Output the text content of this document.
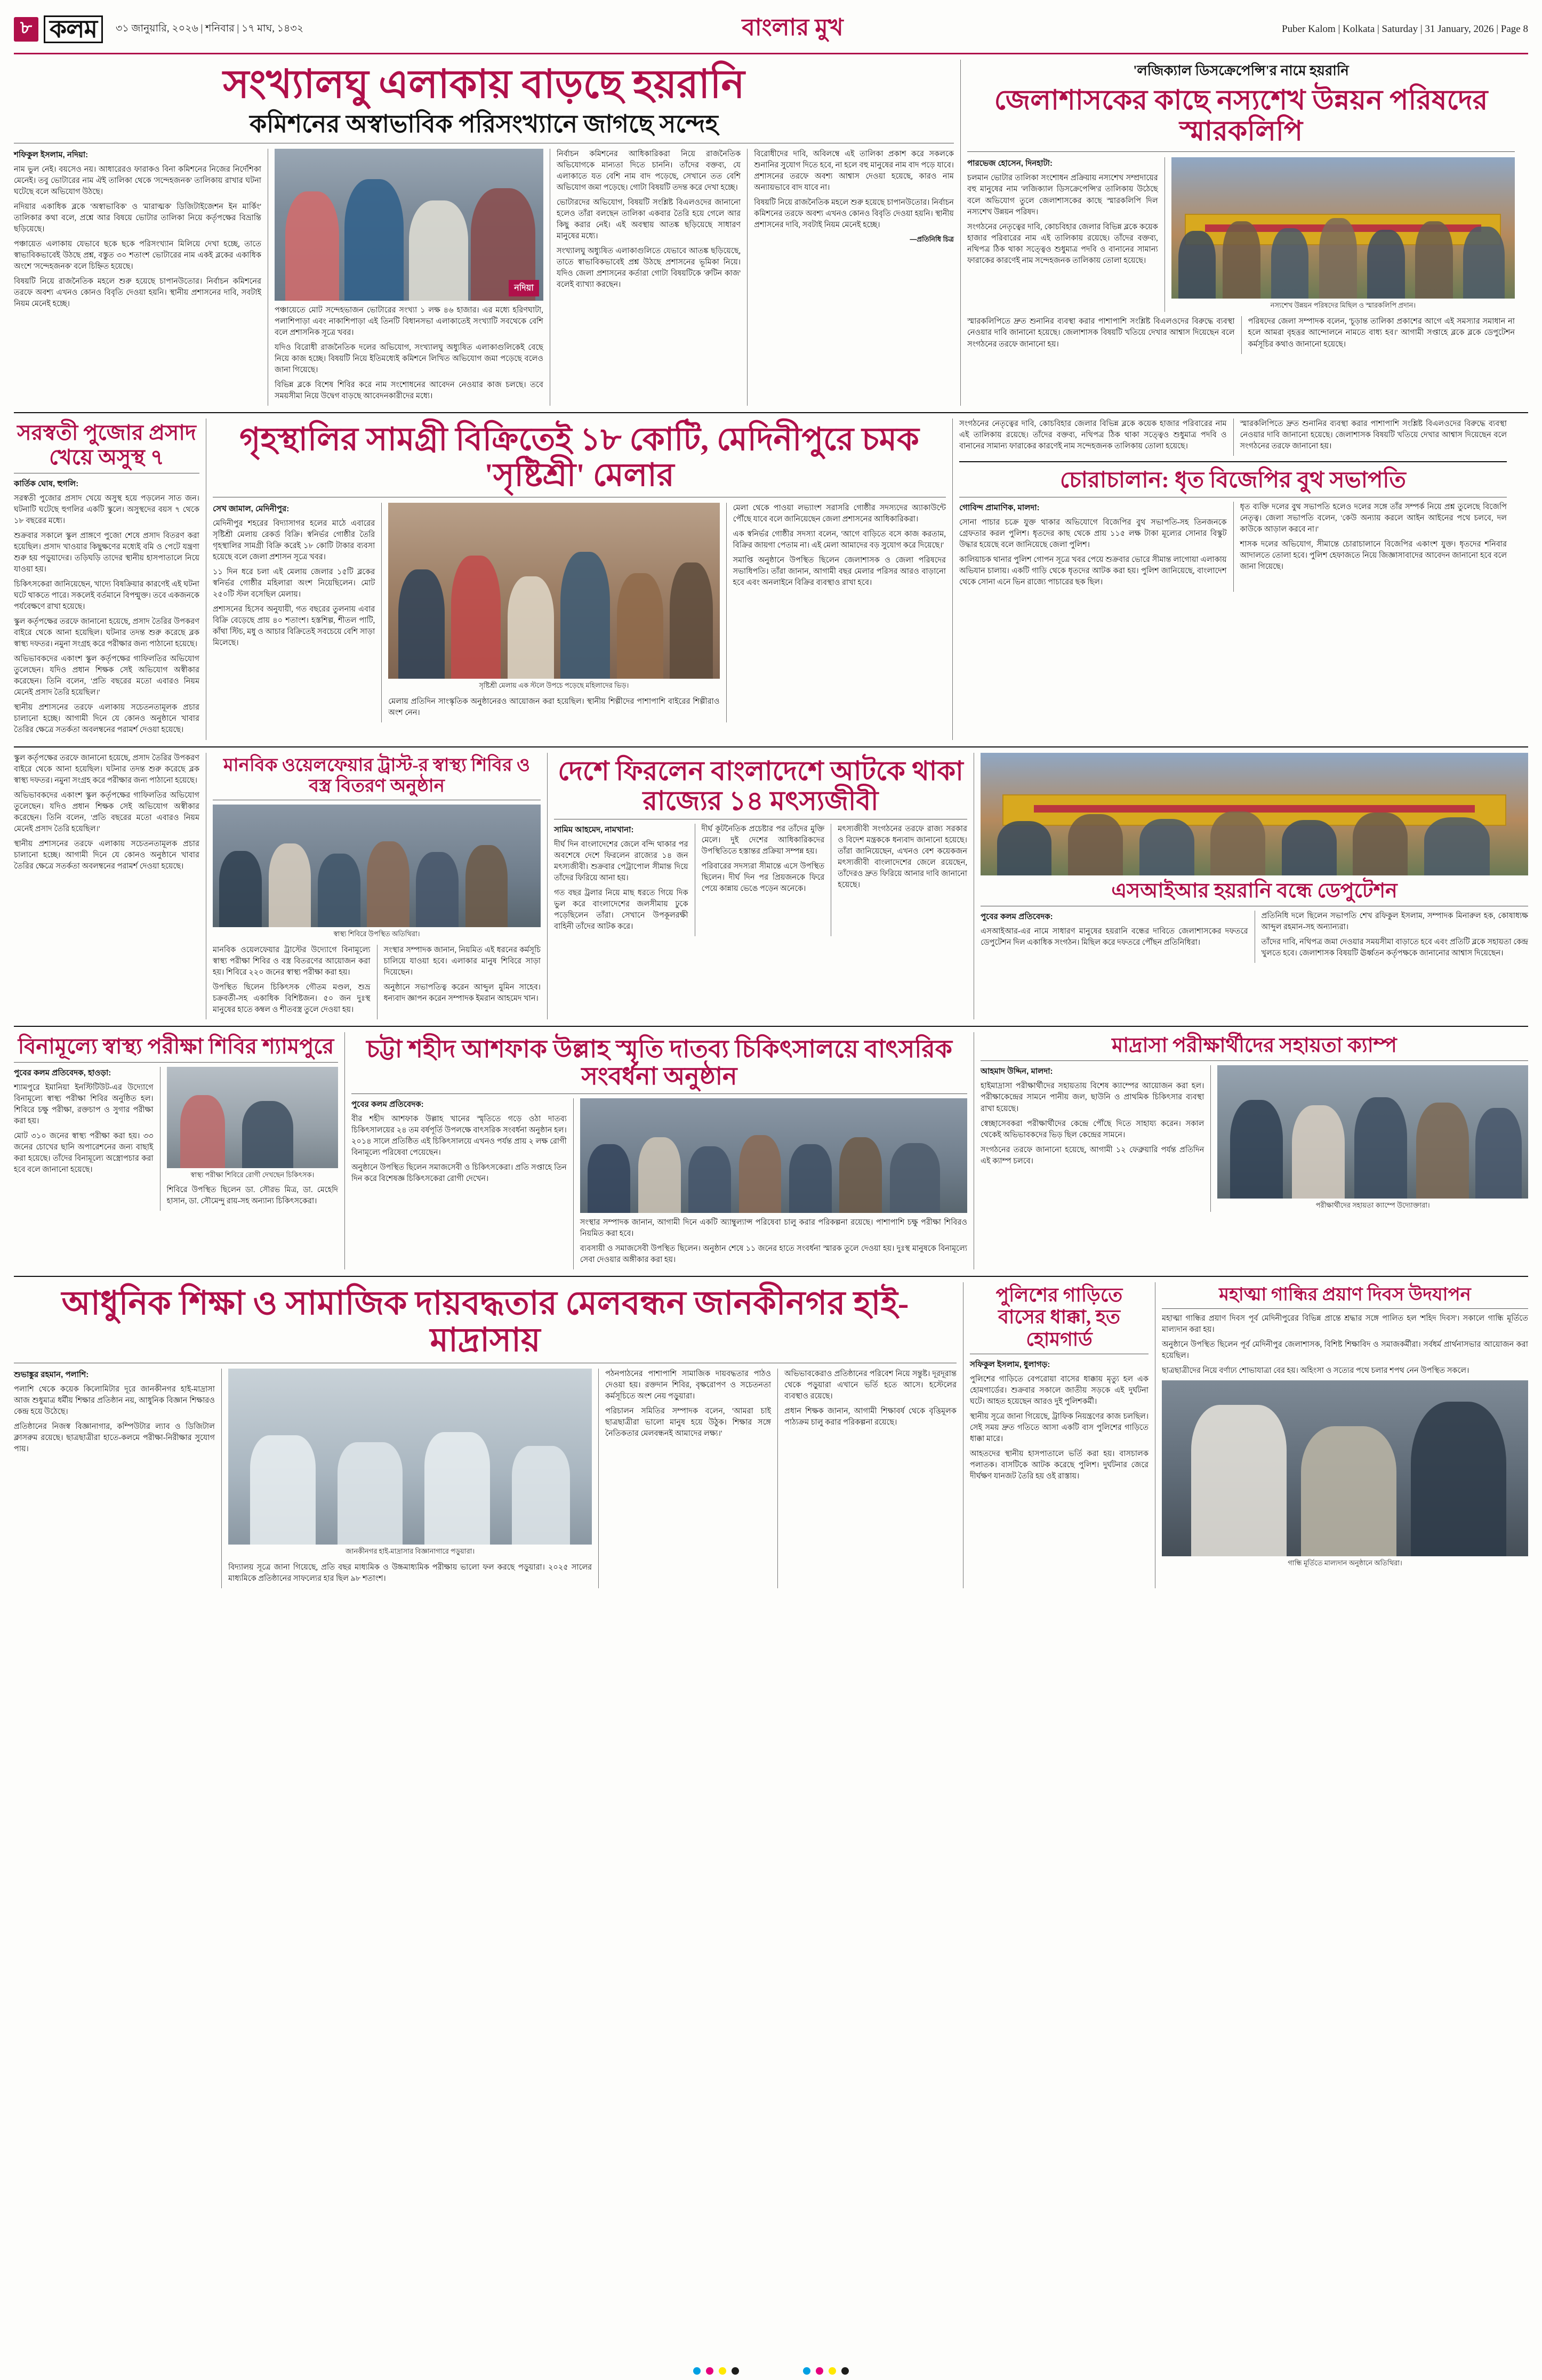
৮ কলম	৩১ জানুয়ারি, ২০২৬ | শনিবার | ১৭ মাঘ, ১৪৩২	বাংলার মুখ	Puber Kalom | Kolkata | Saturday | 31 January, 2026 | Page 8
সংখ্যালঘু এলাকায় বাড়ছে হয়রানি
কমিশনের অস্বাভাবিক পরিসংখ্যানে জাগছে সন্দেহ
শফিকুল ইসলাম, নদিয়া:

নাম ভুল নেই। বয়সেও নয়। আধারেরও ফারাকও বিনা কমিশনের নিজের নির্দেশিকা মেনেই। তবু ভোটারের নাম ঐই তালিকা থেকে 'সন্দেহজনক' তালিকায় রাখার ঘটনা ঘটেছে বলে অভিযোগ উঠছে।

নদিয়ার একাধিক ব্লকে 'অস্বাভাবিক' ও 'মারাত্মক' ডিজিটাইজেশন ইন মার্কিং' তালিকার কথা বলে, প্রশ্নে আর বিষয়ে ভোটার তালিকা নিয়ে কর্তৃপক্ষের বিভ্রান্তি ছড়িয়েছে।

পঞ্চায়েত এলাকায় যেভাবে ছকে ছকে পরিসংখ্যান মিলিয়ে দেখা হচ্ছে, তাতে স্বাভাবিকভাবেই উঠছে প্রশ্ন, বস্তুত ৩০ শতাংশ ভোটারের নাম একই ব্লকের একাধিক অংশে 'সন্দেহজনক' বলে চিহ্নিত হয়েছে।

বিষয়টি নিয়ে রাজনৈতিক মহলে শুরু হয়েছে চাপানউতোর। নির্বাচন কমিশনের তরফে অবশ্য এখনও কোনও বিবৃতি দেওয়া হয়নি। স্থানীয় প্রশাসনের দাবি, সবটাই নিয়ম মেনেই হচ্ছে।

নদিয়া

পঞ্চায়েতে মোট সন্দেহভাজন ভোটারের সংখ্যা ১ লক্ষ ৪৬ হাজার। এর মধ্যে হরিণঘাটা, পলাশিপাড়া এবং নাকাশিপাড়া এই তিনটি বিধানসভা এলাকাতেই সংখ্যাটি সবথেকে বেশি বলে প্রশাসনিক সূত্রে খবর।

যদিও বিরোধী রাজনৈতিক দলের অভিযোগ, সংখ্যালঘু অধ্যুষিত এলাকাগুলিকেই বেছে নিয়ে কাজ হচ্ছে। বিষয়টি নিয়ে ইতিমধ্যেই কমিশনে লিখিত অভিযোগ জমা পড়েছে বলেও জানা গিয়েছে।

বিভিন্ন ব্লকে বিশেষ শিবির করে নাম সংশোধনের আবেদন নেওয়ার কাজ চলছে। তবে সময়সীমা নিয়ে উদ্বেগ বাড়ছে আবেদনকারীদের মধ্যে।

নির্বাচন কমিশনের আধিকারিকরা নিয়ে রাজনৈতিক অভিযোগকে মান্যতা দিতে চাননি। তাঁদের বক্তব্য, যে এলাকাতে যত বেশি নাম বাদ পড়েছে, সেখানে তত বেশি অভিযোগ জমা পড়েছে। গোটা বিষয়টি তদন্ত করে দেখা হচ্ছে।

ভোটারদের অভিযোগ, বিষয়টি সংশ্লিষ্ট বিএলওদের জানানো হলেও তাঁরা বলছেন তালিকা একবার তৈরি হয়ে গেলে আর কিছু করার নেই। এই অবস্থায় আতঙ্ক ছড়িয়েছে সাধারণ মানুষের মধ্যে।

সংখ্যালঘু অধ্যুষিত এলাকাগুলিতে যেভাবে আতঙ্ক ছড়িয়েছে, তাতে স্বাভাবিকভাবেই প্রশ্ন উঠছে প্রশাসনের ভূমিকা নিয়ে। যদিও জেলা প্রশাসনের কর্তারা গোটা বিষয়টিকে 'রুটিন কাজ' বলেই ব্যাখ্যা করছেন।

বিরোধীদের দাবি, অবিলম্বে এই তালিকা প্রকাশ করে সকলকে শুনানির সুযোগ দিতে হবে, না হলে বহু মানুষের নাম বাদ পড়ে যাবে। প্রশাসনের তরফে অবশ্য আশ্বাস দেওয়া হয়েছে, কারও নাম অন্যায়ভাবে বাদ যাবে না।

বিষয়টি নিয়ে রাজনৈতিক মহলে শুরু হয়েছে চাপানউতোর। নির্বাচন কমিশনের তরফে অবশ্য এখনও কোনও বিবৃতি দেওয়া হয়নি। স্থানীয় প্রশাসনের দাবি, সবটাই নিয়ম মেনেই হচ্ছে।

—প্রতিনিধি চিত্র
'লজিক্যাল ডিসক্রেপেন্সি'র নামে হয়রানি
জেলাশাসকের কাছে নস্যশেখ উন্নয়ন পরিষদের স্মারকলিপি
পারভেজ হোসেন, দিনহাটা:

চলমান ভোটার তালিকা সংশোধন প্রক্রিয়ায় নস্যশেখ সম্প্রদায়ের বহু মানুষের নাম 'লজিক্যাল ডিসক্রেপেন্সি'র তালিকায় উঠেছে বলে অভিযোগ তুলে জেলাশাসকের কাছে স্মারকলিপি দিল নস্যশেখ উন্নয়ন পরিষদ।

সংগঠনের নেতৃত্বের দাবি, কোচবিহার জেলার বিভিন্ন ব্লকে কয়েক হাজার পরিবারের নাম এই তালিকায় রয়েছে। তাঁদের বক্তব্য, নথিপত্র ঠিক থাকা সত্ত্বেও শুধুমাত্র পদবি ও বানানের সামান্য ফারাকের কারণেই নাম সন্দেহজনক তালিকায় তোলা হয়েছে।

নস্যশেখ উন্নয়ন পরিষদের মিছিল ও স্মারকলিপি প্রদান।

স্মারকলিপিতে দ্রুত শুনানির ব্যবস্থা করার পাশাপাশি সংশ্লিষ্ট বিএলওদের বিরুদ্ধে ব্যবস্থা নেওয়ার দাবি জানানো হয়েছে। জেলাশাসক বিষয়টি খতিয়ে দেখার আশ্বাস দিয়েছেন বলে সংগঠনের তরফে জানানো হয়।

পরিষদের জেলা সম্পাদক বলেন, 'চূড়ান্ত তালিকা প্রকাশের আগে এই সমস্যার সমাধান না হলে আমরা বৃহত্তর আন্দোলনে নামতে বাধ্য হব।' আগামী সপ্তাহে ব্লকে ব্লকে ডেপুটেশন কর্মসূচির কথাও জানানো হয়েছে।

সরস্বতী পুজোর প্রসাদ খেয়ে অসুস্থ ৭
কার্তিক ঘোষ, হুগলি:

সরস্বতী পুজোর প্রসাদ খেয়ে অসুস্থ হয়ে পড়লেন সাত জন। ঘটনাটি ঘটেছে হুগলির একটি স্কুলে। অসুস্থদের বয়স ৭ থেকে ১৮ বছরের মধ্যে।

শুক্রবার সকালে স্কুল প্রাঙ্গণে পুজো শেষে প্রসাদ বিতরণ করা হয়েছিল। প্রসাদ খাওয়ার কিছুক্ষণের মধ্যেই বমি ও পেটে যন্ত্রণা শুরু হয় পড়ুয়াদের। তড়িঘড়ি তাদের স্থানীয় হাসপাতালে নিয়ে যাওয়া হয়।

চিকিৎসকেরা জানিয়েছেন, খাদ্যে বিষক্রিয়ার কারণেই এই ঘটনা ঘটে থাকতে পারে। সকলেই বর্তমানে বিপন্মুক্ত। তবে একজনকে পর্যবেক্ষণে রাখা হয়েছে।

স্কুল কর্তৃপক্ষের তরফে জানানো হয়েছে, প্রসাদ তৈরির উপকরণ বাইরে থেকে আনা হয়েছিল। ঘটনার তদন্ত শুরু করেছে ব্লক স্বাস্থ্য দফতর। নমুনা সংগ্রহ করে পরীক্ষার জন্য পাঠানো হয়েছে।

অভিভাবকদের একাংশ স্কুল কর্তৃপক্ষের গাফিলতির অভিযোগ তুলেছেন। যদিও প্রধান শিক্ষক সেই অভিযোগ অস্বীকার করেছেন। তিনি বলেন, 'প্রতি বছরের মতো এবারও নিয়ম মেনেই প্রসাদ তৈরি হয়েছিল।'

স্থানীয় প্রশাসনের তরফে এলাকায় সচেতনতামূলক প্রচার চালানো হচ্ছে। আগামী দিনে যে কোনও অনুষ্ঠানে খাবার তৈরির ক্ষেত্রে সতর্কতা অবলম্বনের পরামর্শ দেওয়া হয়েছে।

গৃহস্থালির সামগ্রী বিক্রিতেই ১৮ কোটি, মেদিনীপুরে চমক 'সৃষ্টিশ্রী' মেলার
সেখ জামাল, মেদিনীপুর:

মেদিনীপুর শহরের বিদ্যাসাগর হলের মাঠে এবারের সৃষ্টিশ্রী মেলায় রেকর্ড বিক্রি। স্বনির্ভর গোষ্ঠীর তৈরি গৃহস্থালির সামগ্রী বিক্রি করেই ১৮ কোটি টাকার ব্যবসা হয়েছে বলে জেলা প্রশাসন সূত্রে খবর।

১১ দিন ধরে চলা এই মেলায় জেলার ১৫টি ব্লকের স্বনির্ভর গোষ্ঠীর মহিলারা অংশ নিয়েছিলেন। মোট ২৫০টি স্টল বসেছিল মেলায়।

প্রশাসনের হিসেব অনুযায়ী, গত বছরের তুলনায় এবার বিক্রি বেড়েছে প্রায় ৪০ শতাংশ। হস্তশিল্প, শীতল পাটি, কাঁথা স্টিচ, মধু ও আচার বিক্রিতেই সবচেয়ে বেশি সাড়া মিলেছে।

সৃষ্টিশ্রী মেলায় এক স্টলে উপচে পড়েছে মহিলাদের ভিড়।

মেলায় প্রতিদিন সাংস্কৃতিক অনুষ্ঠানেরও আয়োজন করা হয়েছিল। স্থানীয় শিল্পীদের পাশাপাশি বাইরের শিল্পীরাও অংশ নেন।

মেলা থেকে পাওয়া লভ্যাংশ সরাসরি গোষ্ঠীর সদস্যদের অ্যাকাউন্টে পৌঁছে যাবে বলে জানিয়েছেন জেলা প্রশাসনের আধিকারিকরা।

এক স্বনির্ভর গোষ্ঠীর সদস্যা বলেন, 'আগে বাড়িতে বসে কাজ করতাম, বিক্রির জায়গা পেতাম না। এই মেলা আমাদের বড় সুযোগ করে দিয়েছে।'

সমাপ্তি অনুষ্ঠানে উপস্থিত ছিলেন জেলাশাসক ও জেলা পরিষদের সভাধিপতি। তাঁরা জানান, আগামী বছর মেলার পরিসর আরও বাড়ানো হবে এবং অনলাইনে বিক্রির ব্যবস্থাও রাখা হবে।

সংগঠনের নেতৃত্বের দাবি, কোচবিহার জেলার বিভিন্ন ব্লকে কয়েক হাজার পরিবারের নাম এই তালিকায় রয়েছে। তাঁদের বক্তব্য, নথিপত্র ঠিক থাকা সত্ত্বেও শুধুমাত্র পদবি ও বানানের সামান্য ফারাকের কারণেই নাম সন্দেহজনক তালিকায় তোলা হয়েছে।

স্মারকলিপিতে দ্রুত শুনানির ব্যবস্থা করার পাশাপাশি সংশ্লিষ্ট বিএলওদের বিরুদ্ধে ব্যবস্থা নেওয়ার দাবি জানানো হয়েছে। জেলাশাসক বিষয়টি খতিয়ে দেখার আশ্বাস দিয়েছেন বলে সংগঠনের তরফে জানানো হয়।

চোরাচালান: ধৃত বিজেপির বুথ সভাপতি
গোবিন্দ প্রামাণিক, মালদা:

সোনা পাচার চক্রে যুক্ত থাকার অভিযোগে বিজেপির বুথ সভাপতি-সহ তিনজনকে গ্রেফতার করল পুলিশ। ধৃতদের কাছ থেকে প্রায় ১১৫ লক্ষ টাকা মূল্যের সোনার বিস্কুট উদ্ধার হয়েছে বলে জানিয়েছে জেলা পুলিশ।

কালিয়াচক থানার পুলিশ গোপন সূত্রে খবর পেয়ে শুক্রবার ভোরে সীমান্ত লাগোয়া এলাকায় অভিযান চালায়। একটি গাড়ি থেকে ধৃতদের আটক করা হয়। পুলিশ জানিয়েছে, বাংলাদেশ থেকে সোনা এনে ভিন রাজ্যে পাচারের ছক ছিল।

ধৃত ব্যক্তি দলের বুথ সভাপতি হলেও দলের সঙ্গে তাঁর সম্পর্ক নিয়ে প্রশ্ন তুলেছে বিজেপি নেতৃত্ব। জেলা সভাপতি বলেন, 'কেউ অন্যায় করলে আইন আইনের পথে চলবে, দল কাউকে আড়াল করবে না।'

শাসক দলের অভিযোগ, সীমান্তে চোরাচালানে বিজেপির একাংশ যুক্ত। ধৃতদের শনিবার আদালতে তোলা হবে। পুলিশ হেফাজতে নিয়ে জিজ্ঞাসাবাদের আবেদন জানানো হবে বলে জানা গিয়েছে।

স্কুল কর্তৃপক্ষের তরফে জানানো হয়েছে, প্রসাদ তৈরির উপকরণ বাইরে থেকে আনা হয়েছিল। ঘটনার তদন্ত শুরু করেছে ব্লক স্বাস্থ্য দফতর। নমুনা সংগ্রহ করে পরীক্ষার জন্য পাঠানো হয়েছে।

অভিভাবকদের একাংশ স্কুল কর্তৃপক্ষের গাফিলতির অভিযোগ তুলেছেন। যদিও প্রধান শিক্ষক সেই অভিযোগ অস্বীকার করেছেন। তিনি বলেন, 'প্রতি বছরের মতো এবারও নিয়ম মেনেই প্রসাদ তৈরি হয়েছিল।'

স্থানীয় প্রশাসনের তরফে এলাকায় সচেতনতামূলক প্রচার চালানো হচ্ছে। আগামী দিনে যে কোনও অনুষ্ঠানে খাবার তৈরির ক্ষেত্রে সতর্কতা অবলম্বনের পরামর্শ দেওয়া হয়েছে।

মানবিক ওয়েলফেয়ার ট্রাস্ট-র স্বাস্থ্য শিবির ও বস্ত্র বিতরণ অনুষ্ঠান
স্বাস্থ্য শিবিরে উপস্থিত অতিথিরা।

মানবিক ওয়েলফেয়ার ট্রাস্টের উদ্যোগে বিনামূল্যে স্বাস্থ্য পরীক্ষা শিবির ও বস্ত্র বিতরণের আয়োজন করা হয়। শিবিরে ২২০ জনের স্বাস্থ্য পরীক্ষা করা হয়।

উপস্থিত ছিলেন চিকিৎসক গৌতম মণ্ডল, শুভ্র চক্রবর্তী-সহ একাধিক বিশিষ্টজন। ৫০ জন দুঃস্থ মানুষের হাতে কম্বল ও শীতবস্ত্র তুলে দেওয়া হয়।

সংস্থার সম্পাদক জানান, নিয়মিত এই ধরনের কর্মসূচি চালিয়ে যাওয়া হবে। এলাকার মানুষ শিবিরে সাড়া দিয়েছেন।

অনুষ্ঠানে সভাপতিত্ব করেন আব্দুল মুমিন সাহেব। ধন্যবাদ জ্ঞাপন করেন সম্পাদক ইমরান আহমেদ খান।

দেশে ফিরলেন বাংলাদেশে আটকে থাকা রাজ্যের ১৪ মৎস্যজীবী
সামিম আহমেদ, নামখানা:

দীর্ঘ দিন বাংলাদেশের জেলে বন্দি থাকার পর অবশেষে দেশে ফিরলেন রাজ্যের ১৪ জন মৎস্যজীবী। শুক্রবার পেট্রাপোল সীমান্ত দিয়ে তাঁদের ফিরিয়ে আনা হয়।

গত বছর ট্রলার নিয়ে মাছ ধরতে গিয়ে দিক ভুল করে বাংলাদেশের জলসীমায় ঢুকে পড়েছিলেন তাঁরা। সেখানে উপকূলরক্ষী বাহিনী তাঁদের আটক করে।

দীর্ঘ কূটনৈতিক প্রচেষ্টার পর তাঁদের মুক্তি মেলে। দুই দেশের আধিকারিকদের উপস্থিতিতে হস্তান্তর প্রক্রিয়া সম্পন্ন হয়।

পরিবারের সদস্যরা সীমান্তে এসে উপস্থিত ছিলেন। দীর্ঘ দিন পর প্রিয়জনকে ফিরে পেয়ে কান্নায় ভেঙে পড়েন অনেকে।

মৎস্যজীবী সংগঠনের তরফে রাজ্য সরকার ও বিদেশ মন্ত্রককে ধন্যবাদ জানানো হয়েছে। তাঁরা জানিয়েছেন, এখনও বেশ কয়েকজন মৎস্যজীবী বাংলাদেশের জেলে রয়েছেন, তাঁদেরও দ্রুত ফিরিয়ে আনার দাবি জানানো হয়েছে।	এসআইআর হয়রানি বন্ধে ডেপুটেশন
পুবের কলম প্রতিবেদক:

এসআইআর-এর নামে সাধারণ মানুষের হয়রানি বন্ধের দাবিতে জেলাশাসকের দফতরে ডেপুটেশন দিল একাধিক সংগঠন। মিছিল করে দফতরে পৌঁছন প্রতিনিধিরা।

প্রতিনিধি দলে ছিলেন সভাপতি শেখ রফিকুল ইসলাম, সম্পাদক মিনারুল হক, কোষাধ্যক্ষ আব্দুল রহমান-সহ অন্যান্যরা।

তাঁদের দাবি, নথিপত্র জমা দেওয়ার সময়সীমা বাড়াতে হবে এবং প্রতিটি ব্লকে সহায়তা কেন্দ্র খুলতে হবে। জেলাশাসক বিষয়টি ঊর্ধ্বতন কর্তৃপক্ষকে জানানোর আশ্বাস দিয়েছেন।

বিনামূল্যে স্বাস্থ্য পরীক্ষা শিবির শ্যামপুরে
পুবের কলম প্রতিবেদক, হাওড়া:

শ্যামপুরে ইমানিয়া ইনস্টিটিউট-এর উদ্যোগে বিনামূল্যে স্বাস্থ্য পরীক্ষা শিবির অনুষ্ঠিত হল। শিবিরে চক্ষু পরীক্ষা, রক্তচাপ ও সুগার পরীক্ষা করা হয়।

মোট ৩১০ জনের স্বাস্থ্য পরীক্ষা করা হয়। ৩৩ জনের চোখের ছানি অপারেশনের জন্য বাছাই করা হয়েছে। তাঁদের বিনামূল্যে অস্ত্রোপচার করা হবে বলে জানানো হয়েছে।

স্বাস্থ্য পরীক্ষা শিবিরে রোগী দেখছেন চিকিৎসক।

শিবিরে উপস্থিত ছিলেন ডা. সৌরভ মিত্র, ডা. মেহেদি হাসান, ডা. সৌমেন্দু রায়-সহ অন্যান্য চিকিৎসকেরা।

চট্টা শহীদ আশফাক উল্লাহ স্মৃতি দাতব্য চিকিৎসালয়ে বাৎসরিক সংবর্ধনা অনুষ্ঠান
পুবের কলম প্রতিবেদক:

বীর শহীদ আশফাক উল্লাহ খানের স্মৃতিতে গড়ে ওঠা দাতব্য চিকিৎসালয়ের ২৪ তম বর্ষপূর্তি উপলক্ষে বাৎসরিক সংবর্ধনা অনুষ্ঠান হল। ২০১৪ সালে প্রতিষ্ঠিত এই চিকিৎসালয়ে এখনও পর্যন্ত প্রায় ২ লক্ষ রোগী বিনামূল্যে পরিষেবা পেয়েছেন।

অনুষ্ঠানে উপস্থিত ছিলেন সমাজসেবী ও চিকিৎসকেরা। প্রতি সপ্তাহে তিন দিন করে বিশেষজ্ঞ চিকিৎসকেরা রোগী দেখেন।

সংস্থার সম্পাদক জানান, আগামী দিনে একটি অ্যাম্বুল্যান্স পরিষেবা চালু করার পরিকল্পনা রয়েছে। পাশাপাশি চক্ষু পরীক্ষা শিবিরও নিয়মিত করা হবে।

ব্যবসায়ী ও সমাজসেবী উপস্থিত ছিলেন। অনুষ্ঠান শেষে ১১ জনের হাতে সংবর্ধনা স্মারক তুলে দেওয়া হয়। দুঃস্থ মানুষকে বিনামূল্যে সেবা দেওয়ার অঙ্গীকার করা হয়।

মাদ্রাসা পরীক্ষার্থীদের সহায়তা ক্যাম্প
আহমাদ উদ্দিন, মালদা:

হাইমাদ্রাসা পরীক্ষার্থীদের সহায়তায় বিশেষ ক্যাম্পের আয়োজন করা হল। পরীক্ষাকেন্দ্রের সামনে পানীয় জল, ছাউনি ও প্রাথমিক চিকিৎসার ব্যবস্থা রাখা হয়েছে।

স্বেচ্ছাসেবকরা পরীক্ষার্থীদের কেন্দ্রে পৌঁছে দিতে সাহায্য করেন। সকাল থেকেই অভিভাবকদের ভিড় ছিল কেন্দ্রের সামনে।

সংগঠনের তরফে জানানো হয়েছে, আগামী ১২ ফেব্রুয়ারি পর্যন্ত প্রতিদিন এই ক্যাম্প চলবে।

পরীক্ষার্থীদের সহায়তা ক্যাম্পে উদ্যোক্তারা।
আধুনিক শিক্ষা ও সামাজিক দায়বদ্ধতার মেলবন্ধন জানকীনগর হাই-মাদ্রাসায়
শুভাঙ্কুর রহমান, পলাশি:

পলাশি থেকে কয়েক কিলোমিটার দূরে জানকীনগর হাই-মাদ্রাসা আজ শুধুমাত্র ধর্মীয় শিক্ষার প্রতিষ্ঠান নয়, আধুনিক বিজ্ঞান শিক্ষারও কেন্দ্র হয়ে উঠেছে।

প্রতিষ্ঠানের নিজস্ব বিজ্ঞানাগার, কম্পিউটার ল্যাব ও ডিজিটাল ক্লাসরুম রয়েছে। ছাত্রছাত্রীরা হাতে-কলমে পরীক্ষা-নিরীক্ষার সুযোগ পায়।

জানকীনগর হাই-মাদ্রাসার বিজ্ঞানাগারে পড়ুয়ারা।

বিদ্যালয় সূত্রে জানা গিয়েছে, প্রতি বছর মাধ্যমিক ও উচ্চমাধ্যমিক পরীক্ষায় ভালো ফল করছে পড়ুয়ারা। ২০২৫ সালের মাধ্যমিকে প্রতিষ্ঠানের সাফল্যের হার ছিল ৯৮ শতাংশ।

পঠনপাঠনের পাশাপাশি সামাজিক দায়বদ্ধতার পাঠও দেওয়া হয়। রক্তদান শিবির, বৃক্ষরোপণ ও সচেতনতা কর্মসূচিতে অংশ নেয় পড়ুয়ারা।

পরিচালন সমিতির সম্পাদক বলেন, 'আমরা চাই ছাত্রছাত্রীরা ভালো মানুষ হয়ে উঠুক। শিক্ষার সঙ্গে নৈতিকতার মেলবন্ধনই আমাদের লক্ষ্য।'

অভিভাবকেরাও প্রতিষ্ঠানের পরিবেশ নিয়ে সন্তুষ্ট। দূরদূরান্ত থেকে পড়ুয়ারা এখানে ভর্তি হতে আসে। হস্টেলের ব্যবস্থাও রয়েছে।

প্রধান শিক্ষক জানান, আগামী শিক্ষাবর্ষ থেকে বৃত্তিমূলক পাঠ্যক্রম চালু করার পরিকল্পনা রয়েছে।

পুলিশের গাড়িতে বাসের ধাক্কা, হত হোমগার্ড
সফিকুল ইসলাম, ধুলাগড়:

পুলিশের গাড়িতে বেপরোয়া বাসের ধাক্কায় মৃত্যু হল এক হোমগার্ডের। শুক্রবার সকালে জাতীয় সড়কে এই দুর্ঘটনা ঘটে। আহত হয়েছেন আরও দুই পুলিশকর্মী।

স্থানীয় সূত্রে জানা গিয়েছে, ট্রাফিক নিয়ন্ত্রণের কাজ চলছিল। সেই সময় দ্রুত গতিতে আসা একটি বাস পুলিশের গাড়িতে ধাক্কা মারে।

আহতদের স্থানীয় হাসপাতালে ভর্তি করা হয়। বাসচালক পলাতক। বাসটিকে আটক করেছে পুলিশ। দুর্ঘটনার জেরে দীর্ঘক্ষণ যানজট তৈরি হয় ওই রাস্তায়।

মহাত্মা গান্ধির প্রয়াণ দিবস উদযাপন

মহাত্মা গান্ধির প্রয়াণ দিবস পূর্ব মেদিনীপুরের বিভিন্ন প্রান্তে শ্রদ্ধার সঙ্গে পালিত হল 'শহিদ দিবস'। সকালে গান্ধি মূর্তিতে মাল্যদান করা হয়।

অনুষ্ঠানে উপস্থিত ছিলেন পূর্ব মেদিনীপুর জেলাশাসক, বিশিষ্ট শিক্ষাবিদ ও সমাজকর্মীরা। সর্বধর্ম প্রার্থনাসভার আয়োজন করা হয়েছিল।

ছাত্রছাত্রীদের নিয়ে বর্ণাঢ্য শোভাযাত্রা বের হয়। অহিংসা ও সত্যের পথে চলার শপথ নেন উপস্থিত সকলে।

গান্ধি মূর্তিতে মাল্যদান অনুষ্ঠানে অতিথিরা।
